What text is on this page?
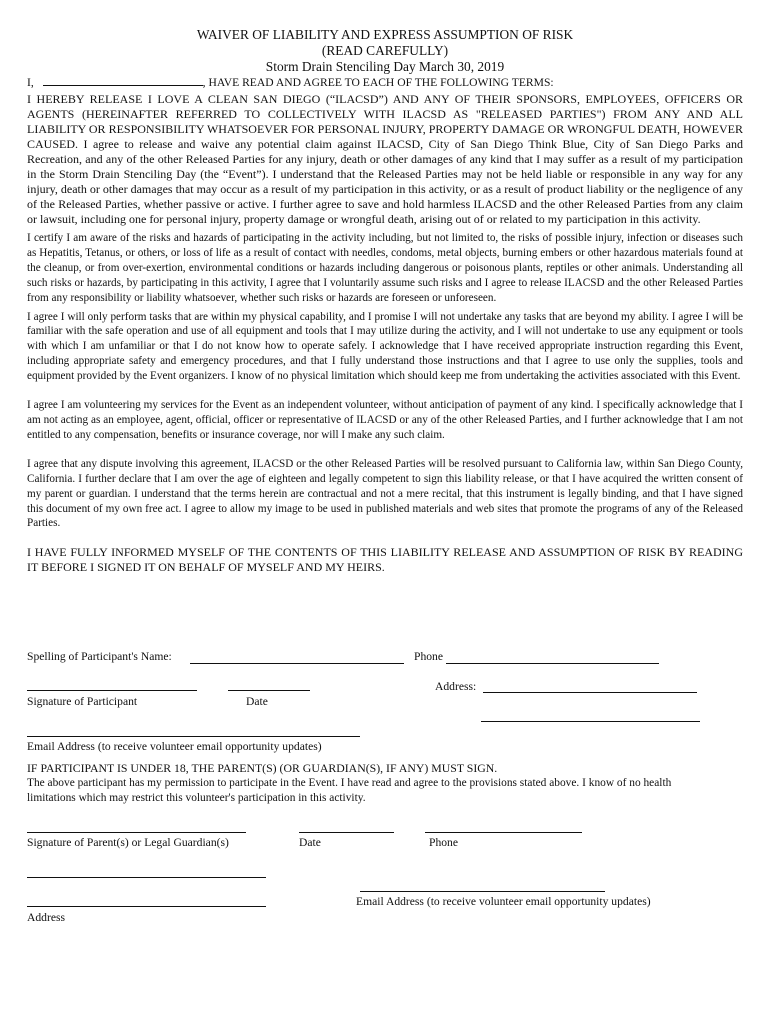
WAIVER OF LIABILITY AND EXPRESS ASSUMPTION OF RISK
(READ CAREFULLY)
Storm Drain Stenciling Day March 30, 2019
I,	, HAVE READ AND AGREE TO EACH OF THE FOLLOWING TERMS:

I HEREBY RELEASE I LOVE A CLEAN SAN DIEGO (“ILACSD”) AND ANY OF THEIR SPONSORS, EMPLOYEES, OFFICERS OR AGENTS (HEREINAFTER REFERRED TO COLLECTIVELY WITH ILACSD AS "RELEASED PARTIES") FROM ANY AND ALL LIABILITY OR RESPONSIBILITY WHATSOEVER FOR PERSONAL INJURY, PROPERTY DAMAGE OR WRONGFUL DEATH, HOWEVER CAUSED. I agree to release and waive any potential claim against ILACSD, City of San Diego Think Blue, City of San Diego Parks and Recreation, and any of the other Released Parties for any injury, death or other damages of any kind that I may suffer as a result of my participation in the Storm Drain Stenciling Day (the “Event”). I understand that the Released Parties may not be held liable or responsible in any way for any injury, death or other damages that may occur as a result of my participation in this activity, or as a result of product liability or the negligence of any of the Released Parties, whether passive or active. I further agree to save and hold harmless ILACSD and the other Released Parties from any claim or lawsuit, including one for personal injury, property damage or wrongful death, arising out of or related to my participation in this activity.

I certify I am aware of the risks and hazards of participating in the activity including, but not limited to, the risks of possible injury, infection or diseases such as Hepatitis, Tetanus, or others, or loss of life as a result of contact with needles, condoms, metal objects, burning embers or other hazardous materials found at the cleanup, or from over-exertion, environmental conditions or hazards including dangerous or poisonous plants, reptiles or other animals. Understanding all such risks or hazards, by participating in this activity, I agree that I voluntarily assume such risks and I agree to release ILACSD and the other Released Parties from any responsibility or liability whatsoever, whether such risks or hazards are foreseen or unforeseen.

I agree I will only perform tasks that are within my physical capability, and I promise I will not undertake any tasks that are beyond my ability. I agree I will be familiar with the safe operation and use of all equipment and tools that I may utilize during the activity, and I will not undertake to use any equipment or tools with which I am unfamiliar or that I do not know how to operate safely. I acknowledge that I have received appropriate instruction regarding this Event, including appropriate safety and emergency procedures, and that I fully understand those instructions and that I agree to use only the supplies, tools and equipment provided by the Event organizers. I know of no physical limitation which should keep me from undertaking the activities associated with this Event.

I agree I am volunteering my services for the Event as an independent volunteer, without anticipation of payment of any kind. I specifically acknowledge that I am not acting as an employee, agent, official, officer or representative of ILACSD or any of the other Released Parties, and I further acknowledge that I am not entitled to any compensation, benefits or insurance coverage, nor will I make any such claim.

I agree that any dispute involving this agreement, ILACSD or the other Released Parties will be resolved pursuant to California law, within San Diego County, California. I further declare that I am over the age of eighteen and legally competent to sign this liability release, or that I have acquired the written consent of my parent or guardian. I understand that the terms herein are contractual and not a mere recital, that this instrument is legally binding, and that I have signed this document of my own free act. I agree to allow my image to be used in published materials and web sites that promote the programs of any of the Released Parties.

I HAVE FULLY INFORMED MYSELF OF THE CONTENTS OF THIS LIABILITY RELEASE AND ASSUMPTION OF RISK BY READING IT BEFORE I SIGNED IT ON BEHALF OF MYSELF AND MY HEIRS.

Spelling of Participant's Name:	Phone
Address:
Signature of Participant	Date
Email Address (to receive volunteer email opportunity updates)
IF PARTICIPANT IS UNDER 18, THE PARENT(S) (OR GUARDIAN(S), IF ANY) MUST SIGN.

The above participant has my permission to participate in the Event. I have read and agree to the provisions stated above. I know of no health limitations which may restrict this volunteer's participation in this activity.

Signature of Parent(s) or Legal Guardian(s)	Date	Phone
Email Address (to receive volunteer email opportunity updates)
Address
